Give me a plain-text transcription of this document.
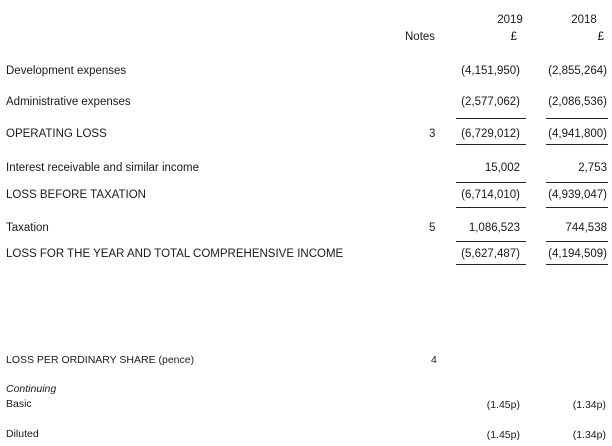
2019	2018
Notes	£	£
Development expenses	(4,151,950)	(2,855,264)
Administrative expenses	(2,577,062)	(2,086,536)
OPERATING LOSS	3	(6,729,012)	(4,941,800)
Interest receivable and similar income	15,002	2,753
LOSS BEFORE TAXATION	(6,714,010)	(4,939,047)
Taxation	5	1,086,523	744,538
LOSS FOR THE YEAR AND TOTAL COMPREHENSIVE INCOME	(5,627,487)	(4,194,509)
LOSS PER ORDINARY SHARE (pence)	4
Continuing
Basic	(1.45p)	(1.34p)
Diluted	(1.45p)	(1.34p)
